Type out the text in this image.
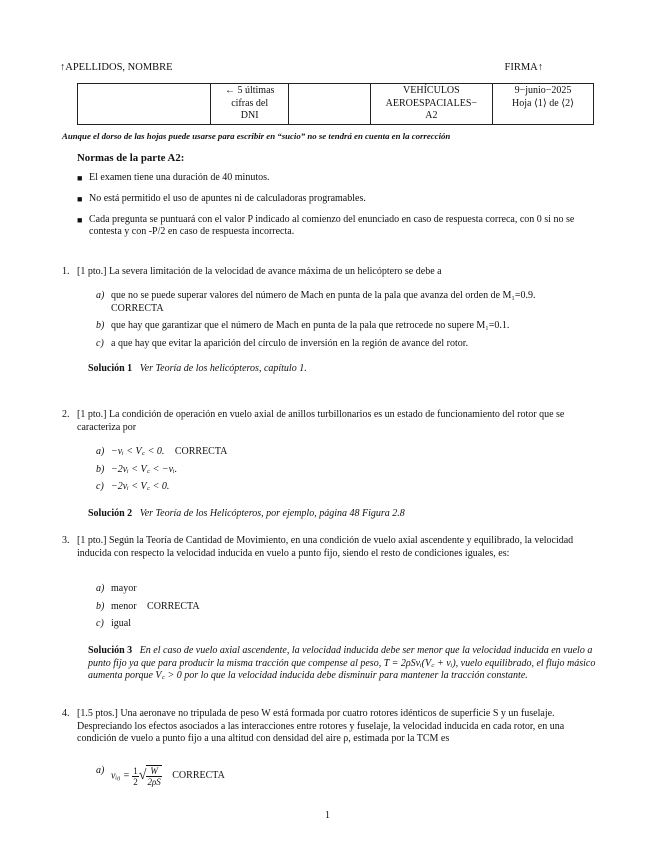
↑APELLIDOS, NOMBRE	FIRMA↑

← 5 últimas
cifras del
DNI

VEHÍCULOS
AEROESPACIALES−
A2

9−junio−2025
Hoja ⟨1⟩ de ⟨2⟩
Aunque el dorso de las hojas puede usarse para escribir en “sucio” no se tendrá en cuenta en la corrección
Normas de la parte A2:
■ El examen tiene una duración de 40 minutos.
■ No está permitido el uso de apuntes ni de calculadoras programables.
■ Cada pregunta se puntuará con el valor P indicado al comienzo del enunciado en caso de respuesta correca, con 0 si no se contesta y con -P/2 en caso de respuesta incorrecta.
1. [1 pto.] La severa limitación de la velocidad de avance máxima de un helicóptero se debe a
a) que no se puede superar valores del número de Mach en punta de la pala que avanza del orden de M₁=0.9.
CORRECTA
b) que hay que garantizar que el número de Mach en punta de la pala que retrocede no supere M₁=0.1.
c) a que hay que evitar la aparición del círculo de inversión en la región de avance del rotor.
Solución 1 Ver Teoría de los helicópteros, capítulo 1.
2. [1 pto.] La condición de operación en vuelo axial de anillos turbillonarios es un estado de funcionamiento del rotor que se caracteriza por
a) −vᵢ < V꜀ < 0. CORRECTA
b) −2vᵢ < V꜀ < −vᵢ.
c) −2vᵢ < V꜀ < 0.
Solución 2 Ver Teoría de los Helicópteros, por ejemplo, página 48 Figura 2.8
3. [1 pto.] Según la Teoría de Cantidad de Movimiento, en una condición de vuelo axial ascendente y equilibrado, la velocidad inducida con respecto la velocidad inducida en vuelo a punto fijo, siendo el resto de condiciones iguales, es:
a) mayor
b) menor CORRECTA
c) igual
Solución 3 En el caso de vuelo axial ascendente, la velocidad inducida debe ser menor que la velocidad inducida en vuelo a punto fijo ya que para producir la misma tracción que compense al peso, T = 2ρSvᵢ(V꜀ + vᵢ), vuelo equilibrado, el flujo másico aumenta porque V꜀ > 0 por lo que la velocidad inducida debe disminuir para mantener la tracción constante.
4. [1.5 ptos.] Una aeronave no tripulada de peso W está formada por cuatro rotores idénticos de superficie S y un fuselaje. Despreciando los efectos asociados a las interacciones entre rotores y fuselaje, la velocidad inducida en cada rotor, en una condición de vuelo a punto fijo a una altitud con densidad del aire ρ, estimada por la TCM es
a) vᵢ₀ = $\frac{1}{2}$ √ $\frac{W}{2\rho S}$ CORRECTA
1
